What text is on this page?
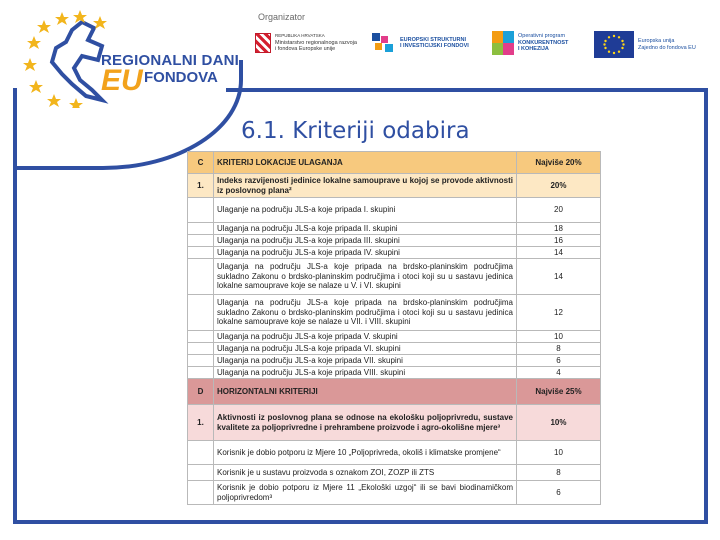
REGIONALNI DANI
EU FONDOVA
Organizator
REPUBLIKA HRVATSKA
Ministarstvo regionalnoga razvoja
i fondova Europske unije
EUROPSKI STRUKTURNI
I INVESTICIJSKI FONDOVI
Operativni program
KONKURENTNOST
I KOHEZIJA
Europska unija
Zajedno do fondova EU
6.1. Kriteriji odabira
C	KRITERIJ LOKACIJE ULAGANJA	Najviše 20%
1.	Indeks razvijenosti jedinice lokalne samouprave u kojoj se provode aktivnosti iz poslovnog plana²	20%
	Ulaganje na području JLS-a koje pripada I. skupini	20
	Ulaganja na području JLS-a koje pripada II. skupini	18
	Ulaganja na području JLS-a koje pripada III. skupini	16
	Ulaganja na području JLS-a koje pripada IV. skupini	14
	Ulaganja na području JLS-a koje pripada na brdsko-planinskim područjima sukladno Zakonu o brdsko-planinskim područjima i otoci koji su u sastavu jedinica lokalne samouprave koje se nalaze u V. i VI. skupini	14
	Ulaganja na području JLS-a koje pripada na brdsko-planinskim područjima sukladno Zakonu o brdsko-planinskim područjima i otoci koji su u sastavu jedinica lokalne samouprave koje se nalaze u VII. i VIII. skupini	12
	Ulaganja na području JLS-a koje pripada V. skupini	10
	Ulaganja na području JLS-a koje pripada VI. skupini	8
	Ulaganja na području JLS-a koje pripada VII. skupini	6
	Ulaganja na području JLS-a koje pripada VIII. skupini	4
D	HORIZONTALNI KRITERIJI	Najviše 25%
1.	Aktivnosti iz poslovnog plana se odnose na ekološku poljoprivredu, sustave kvalitete za poljoprivredne i prehrambene proizvode i agro-okolišne mjere³	10%
	Korisnik je dobio potporu iz Mjere 10 „Poljoprivreda, okoliš i klimatske promjene“	10
	Korisnik je u sustavu proizvoda s oznakom ZOI, ZOZP ili ZTS	8
	Korisnik je dobio potporu iz Mjere 11 „Ekološki uzgoj“ ili se bavi biodinamičkom poljoprivredom³	6
